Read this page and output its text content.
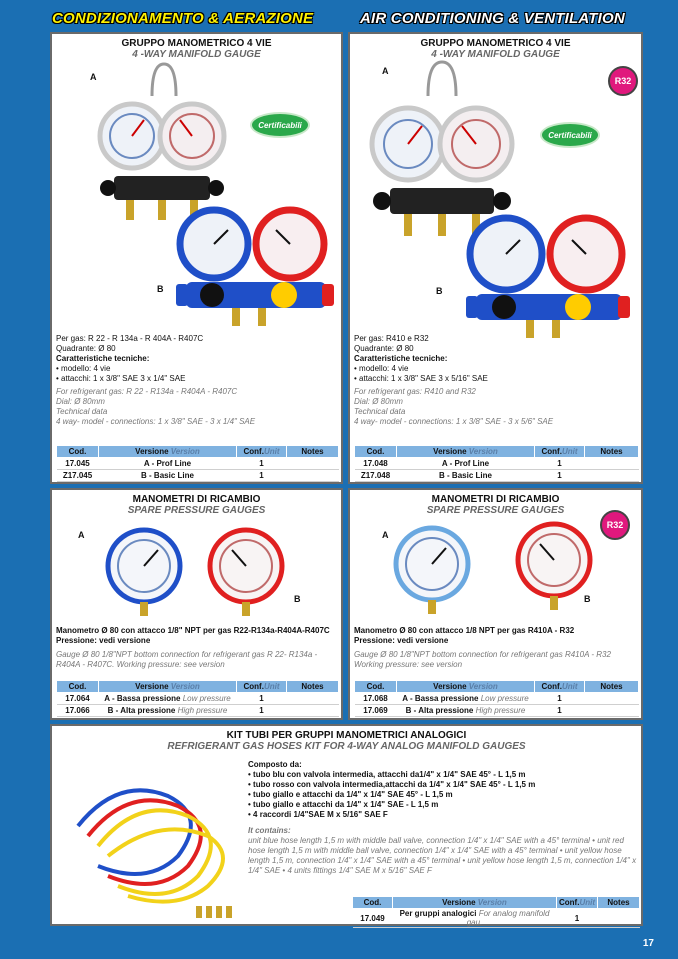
CONDIZIONAMENTO & AERAZIONE	AIR CONDITIONING & VENTILATION
GRUPPO MANOMETRICO 4 VIE
4 -WAY MANIFOLD GAUGE
A
B
Certificabili
Per gas: R 22 - R 134a - R 404A - R407C
Quadrante: Ø 80
Caratteristiche tecniche:
• modello: 4 vie
• attacchi: 1 x 3/8" SAE 3 x 1/4" SAE
For refrigerant gas: R 22 - R134a - R404A - R407C
Dial: Ø 80mm
Technical data
4 way- model - connections: 1 x 3/8" SAE - 3 x 1/4" SAE
Cod.	Versione Version	Conf.Unit	Notes
17.045	A - Prof Line	1	
Z17.045	B - Basic Line	1	
GRUPPO MANOMETRICO 4 VIE
4 -WAY MANIFOLD GAUGE
R32
A
B
Certificabili
Per gas: R410 e R32
Quadrante: Ø 80
Caratteristiche tecniche:
• modello: 4 vie
• attacchi: 1 x 3/8" SAE 3 x 5/16" SAE
For refrigerant gas: R410 and R32
Dial: Ø 80mm
Technical data
4 way- model - connections: 1 x 3/8" SAE - 3 x 5/6" SAE
Cod.	Versione Version	Conf.Unit	Notes
17.048	A - Prof Line	1	
Z17.048	B - Basic Line	1	
MANOMETRI DI RICAMBIO
SPARE PRESSURE GAUGES
A
B
Manometro Ø 80 con attacco 1/8" NPT per gas R22-R134a-R404A-R407C
Pressione: vedi versione
Gauge Ø 80 1/8"NPT bottom connection for refrigerant gas R 22- R134a - R404A - R407C. Working pressure: see version
Cod.	Versione Version	Conf.Unit	Notes
17.064	A - Bassa pressione Low pressure	1	
17.066	B - Alta pressione High pressure	1	
MANOMETRI DI RICAMBIO
SPARE PRESSURE GAUGES
R32
A
B
Manometro Ø 80 con attacco 1/8 NPT per gas R410A - R32
Pressione: vedi versione
Gauge Ø 80 1/8"NPT bottom connection for refrigerant gas R410A - R32
Working pressure: see version
Cod.	Versione Version	Conf.Unit	Notes
17.068	A - Bassa pressione Low pressure	1	
17.069	B - Alta pressione High pressure	1	
KIT TUBI PER GRUPPI MANOMETRICI ANALOGICI
REFRIGERANT GAS HOSES KIT FOR 4-WAY ANALOG MANIFOLD GAUGES
Composto da:
• tubo blu con valvola intermedia, attacchi da1/4" x 1/4" SAE 45° - L 1,5 m
• tubo rosso con valvola intermedia,attacchi da 1/4" x 1/4" SAE 45° - L 1,5 m
• tubo giallo e attacchi da 1/4" x 1/4" SAE 45° - L 1,5 m
• tubo giallo e attacchi da 1/4" x 1/4" SAE - L 1,5 m
• 4 raccordi 1/4"SAE M x 5/16" SAE F
It contains:
unit blue hose length 1,5 m with middle ball valve, connection 1/4" x 1/4" SAE with a 45° terminal • unit red hose length 1,5 m with middle ball valve, connection 1/4" x 1/4" SAE with a 45° terminal • unit yellow hose length 1,5 m, connection 1/4" x 1/4" SAE with a 45° terminal • unit yellow hose length 1,5 m, connection 1/4" x 1/4" SAE • 4 units fittings 1/4" SAE M x 5/16" SAE F
Cod.	Versione Version	Conf.Unit	Notes
17.049	Per gruppi analogici For analog manifold gau.	1	
17
